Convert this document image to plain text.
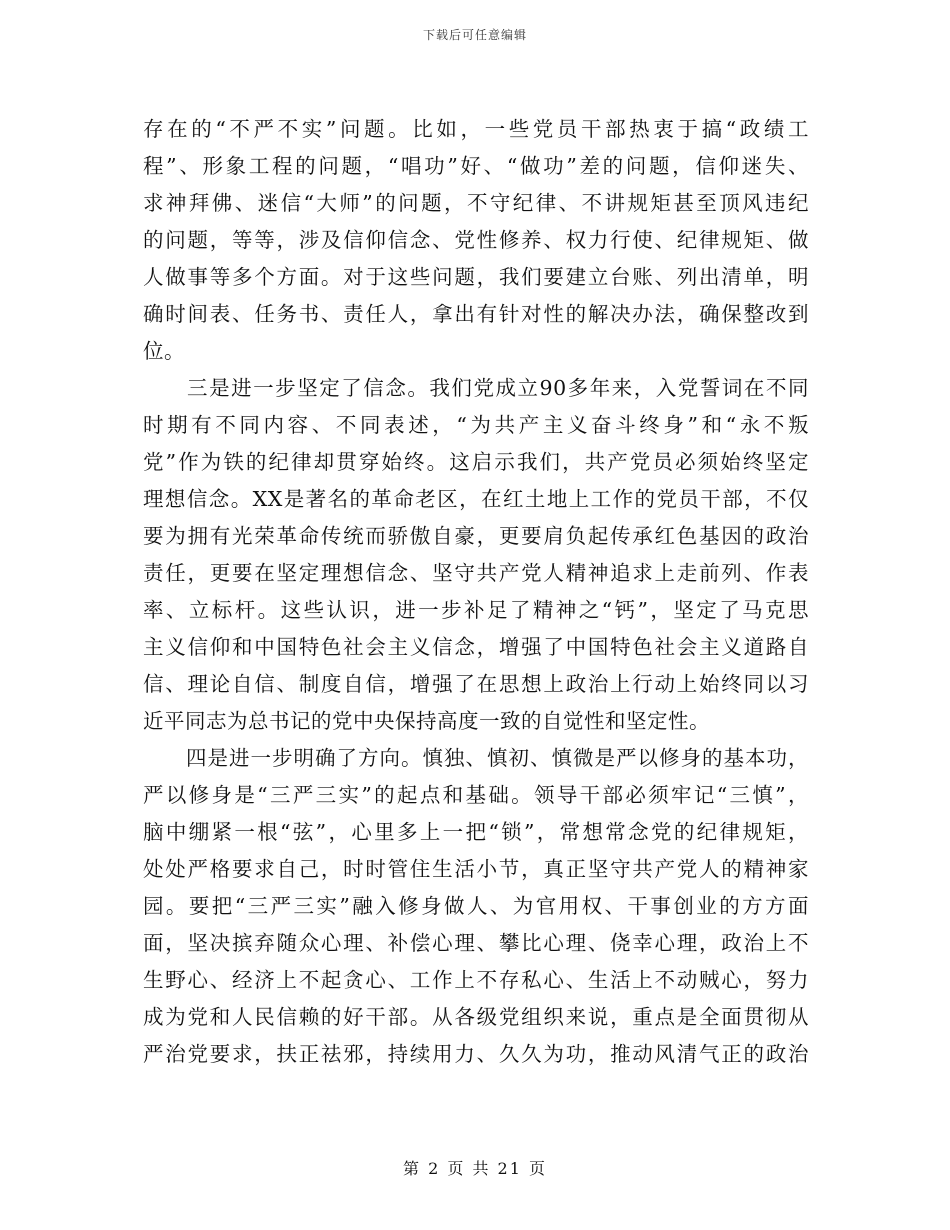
下载后可任意编辑
存在的“不严不实”问题。比如，一些党员干部热衷于搞“政绩工
程”、形象工程的问题，“唱功”好、“做功”差的问题，信仰迷失、
求神拜佛、迷信“大师”的问题，不守纪律、不讲规矩甚至顶风违纪
的问题，等等，涉及信仰信念、党性修养、权力行使、纪律规矩、做
人做事等多个方面。对于这些问题，我们要建立台账、列出清单，明
确时间表、任务书、责任人，拿出有针对性的解决办法，确保整改到
位。
　　三是进一步坚定了信念。我们党成立90多年来，入党誓词在不同
时期有不同内容、不同表述，“为共产主义奋斗终身”和“永不叛
党”作为铁的纪律却贯穿始终。这启示我们，共产党员必须始终坚定
理想信念。XX是著名的革命老区，在红土地上工作的党员干部，不仅
要为拥有光荣革命传统而骄傲自豪，更要肩负起传承红色基因的政治
责任，更要在坚定理想信念、坚守共产党人精神追求上走前列、作表
率、立标杆。这些认识，进一步补足了精神之“钙”，坚定了马克思
主义信仰和中国特色社会主义信念，增强了中国特色社会主义道路自
信、理论自信、制度自信，增强了在思想上政治上行动上始终同以习
近平同志为总书记的党中央保持高度一致的自觉性和坚定性。
　　四是进一步明确了方向。慎独、慎初、慎微是严以修身的基本功，
严以修身是“三严三实”的起点和基础。领导干部必须牢记“三慎”，
脑中绷紧一根“弦”，心里多上一把“锁”，常想常念党的纪律规矩，
处处严格要求自己，时时管住生活小节，真正坚守共产党人的精神家
园。要把“三严三实”融入修身做人、为官用权、干事创业的方方面
面，坚决摈弃随众心理、补偿心理、攀比心理、侥幸心理，政治上不
生野心、经济上不起贪心、工作上不存私心、生活上不动贼心，努力
成为党和人民信赖的好干部。从各级党组织来说，重点是全面贯彻从
严治党要求，扶正祛邪，持续用力、久久为功，推动风清气正的政治
第 2 页 共 21 页
